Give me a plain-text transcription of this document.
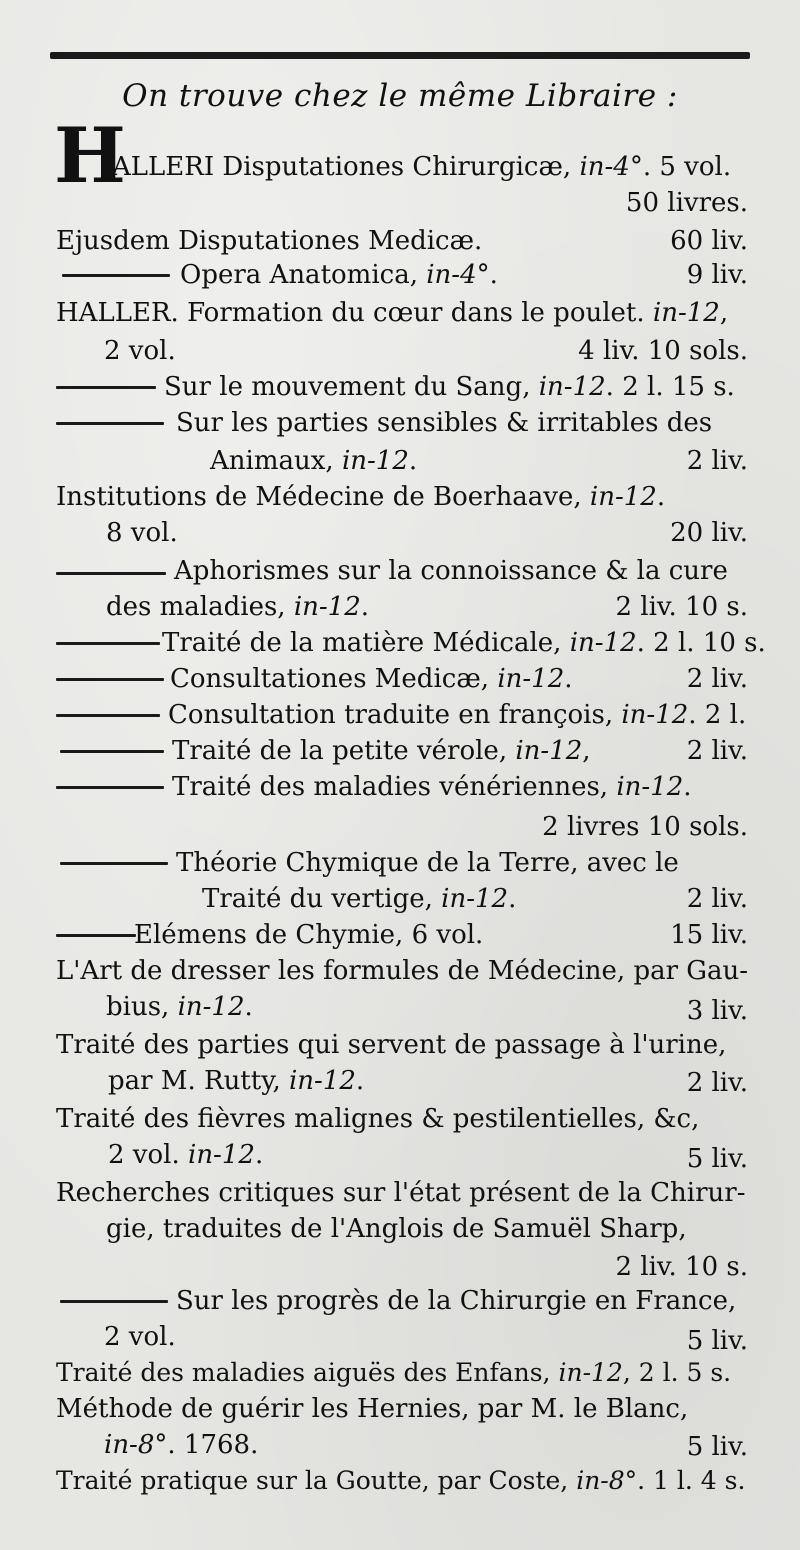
On trouve chez le même Libraire :
H
ALLERI Disputationes Chirurgicæ, in-4°. 5 vol.
50 livres.
Ejusdem Disputationes Medicæ.	60 liv.
Opera Anatomica, in-4°.	9 liv.
HALLER. Formation du cœur dans le poulet. in-12,
2 vol.	4 liv. 10 sols.
Sur le mouvement du Sang, in-12. 2 l. 15 s.
Sur les parties sensibles & irritables des
Animaux, in-12.	2 liv.
Institutions de Médecine de Boerhaave, in-12.
8 vol.	20 liv.
Aphorismes sur la connoissance & la cure
des maladies, in-12.	2 liv. 10 s.
Traité de la matière Médicale, in-12. 2 l. 10 s.
Consultationes Medicæ, in-12.	2 liv.
Consultation traduite en françois, in-12. 2 l.
Traité de la petite vérole, in-12,	2 liv.
Traité des maladies vénériennes, in-12.
2 livres 10 sols.
Théorie Chymique de la Terre, avec le
Traité du vertige, in-12.	2 liv.
Elémens de Chymie, 6 vol.	15 liv.
L'Art de dresser les formules de Médecine, par Gau-
bius, in-12.	3 liv.
Traité des parties qui servent de passage à l'urine,
par M. Rutty, in-12.	2 liv.
Traité des fièvres malignes & pestilentielles, &c,
2 vol. in-12.	5 liv.
Recherches critiques sur l'état présent de la Chirur-
gie, traduites de l'Anglois de Samuël Sharp,
2 liv. 10 s.
Sur les progrès de la Chirurgie en France,
2 vol.	5 liv.
Traité des maladies aiguës des Enfans, in-12, 2 l. 5 s.
Méthode de guérir les Hernies, par M. le Blanc,
in-8°. 1768.	5 liv.
Traité pratique sur la Goutte, par Coste, in-8°. 1 l. 4 s.
